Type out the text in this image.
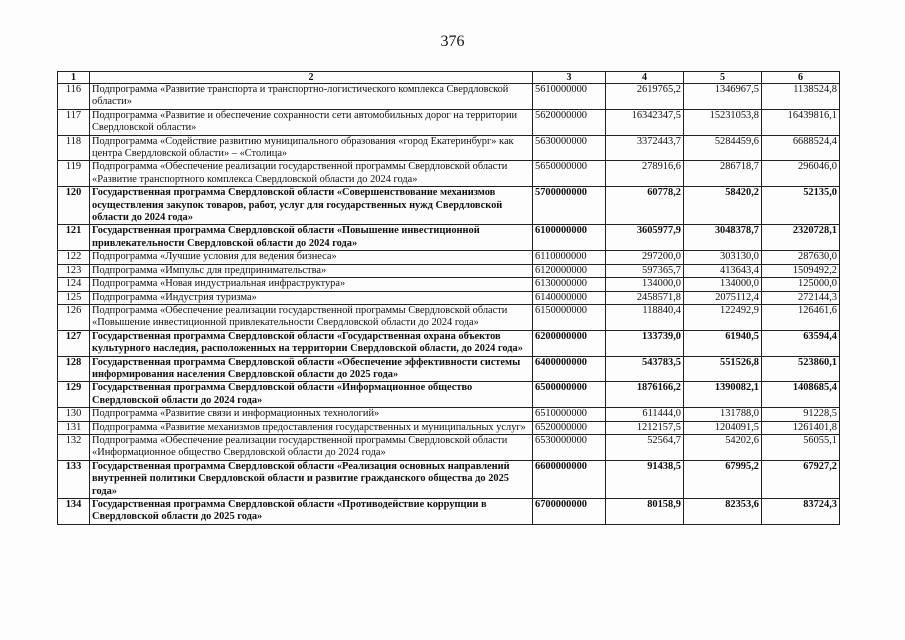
376
1	2	3	4	5	6
116	Подпрограмма «Развитие транспорта и транспортно-логистического комплекса Свердловской области»	5610000000	2619765,2	1346967,5	1138524,8
117	Подпрограмма «Развитие и обеспечение сохранности сети автомобильных дорог на территории Свердловской области»	5620000000	16342347,5	15231053,8	16439816,1
118	Подпрограмма «Содействие развитию муниципального образования «город Екатеринбург» как центра Свердловской области» – «Столица»	5630000000	3372443,7	5284459,6	6688524,4
119	Подпрограмма «Обеспечение реализации государственной программы Свердловской области «Развитие транспортного комплекса Свердловской области до 2024 года»	5650000000	278916,6	286718,7	296046,0
120	Государственная программа Свердловской области «Совершенствование механизмов осуществления закупок товаров, работ, услуг для государственных нужд Свердловской области до 2024 года»	5700000000	60778,2	58420,2	52135,0
121	Государственная программа Свердловской области «Повышение инвестиционной привлекательности Свердловской области до 2024 года»	6100000000	3605977,9	3048378,7	2320728,1
122	Подпрограмма «Лучшие условия для ведения бизнеса»	6110000000	297200,0	303130,0	287630,0
123	Подпрограмма «Импульс для предпринимательства»	6120000000	597365,7	413643,4	1509492,2
124	Подпрограмма «Новая индустриальная инфраструктура»	6130000000	134000,0	134000,0	125000,0
125	Подпрограмма «Индустрия туризма»	6140000000	2458571,8	2075112,4	272144,3
126	Подпрограмма «Обеспечение реализации государственной программы Свердловской области «Повышение инвестиционной привлекательности Свердловской области до 2024 года»	6150000000	118840,4	122492,9	126461,6
127	Государственная программа Свердловской области «Государственная охрана объектов культурного наследия, расположенных на территории Свердловской области, до 2024 года»	6200000000	133739,0	61940,5	63594,4
128	Государственная программа Свердловской области «Обеспечение эффективности системы информирования населения Свердловской области до 2025 года»	6400000000	543783,5	551526,8	523860,1
129	Государственная программа Свердловской области «Информационное общество Свердловской области до 2024 года»	6500000000	1876166,2	1390082,1	1408685,4
130	Подпрограмма «Развитие связи и информационных технологий»	6510000000	611444,0	131788,0	91228,5
131	Подпрограмма «Развитие механизмов предоставления государственных и муниципальных услуг»	6520000000	1212157,5	1204091,5	1261401,8
132	Подпрограмма «Обеспечение реализации государственной программы Свердловской области «Информационное общество Свердловской области до 2024 года»	6530000000	52564,7	54202,6	56055,1
133	Государственная программа Свердловской области «Реализация основных направлений внутренней политики Свердловской области и развитие гражданского общества до 2025 года»	6600000000	91438,5	67995,2	67927,2
134	Государственная программа Свердловской области «Противодействие коррупции в Свердловской области до 2025 года»	6700000000	80158,9	82353,6	83724,3
